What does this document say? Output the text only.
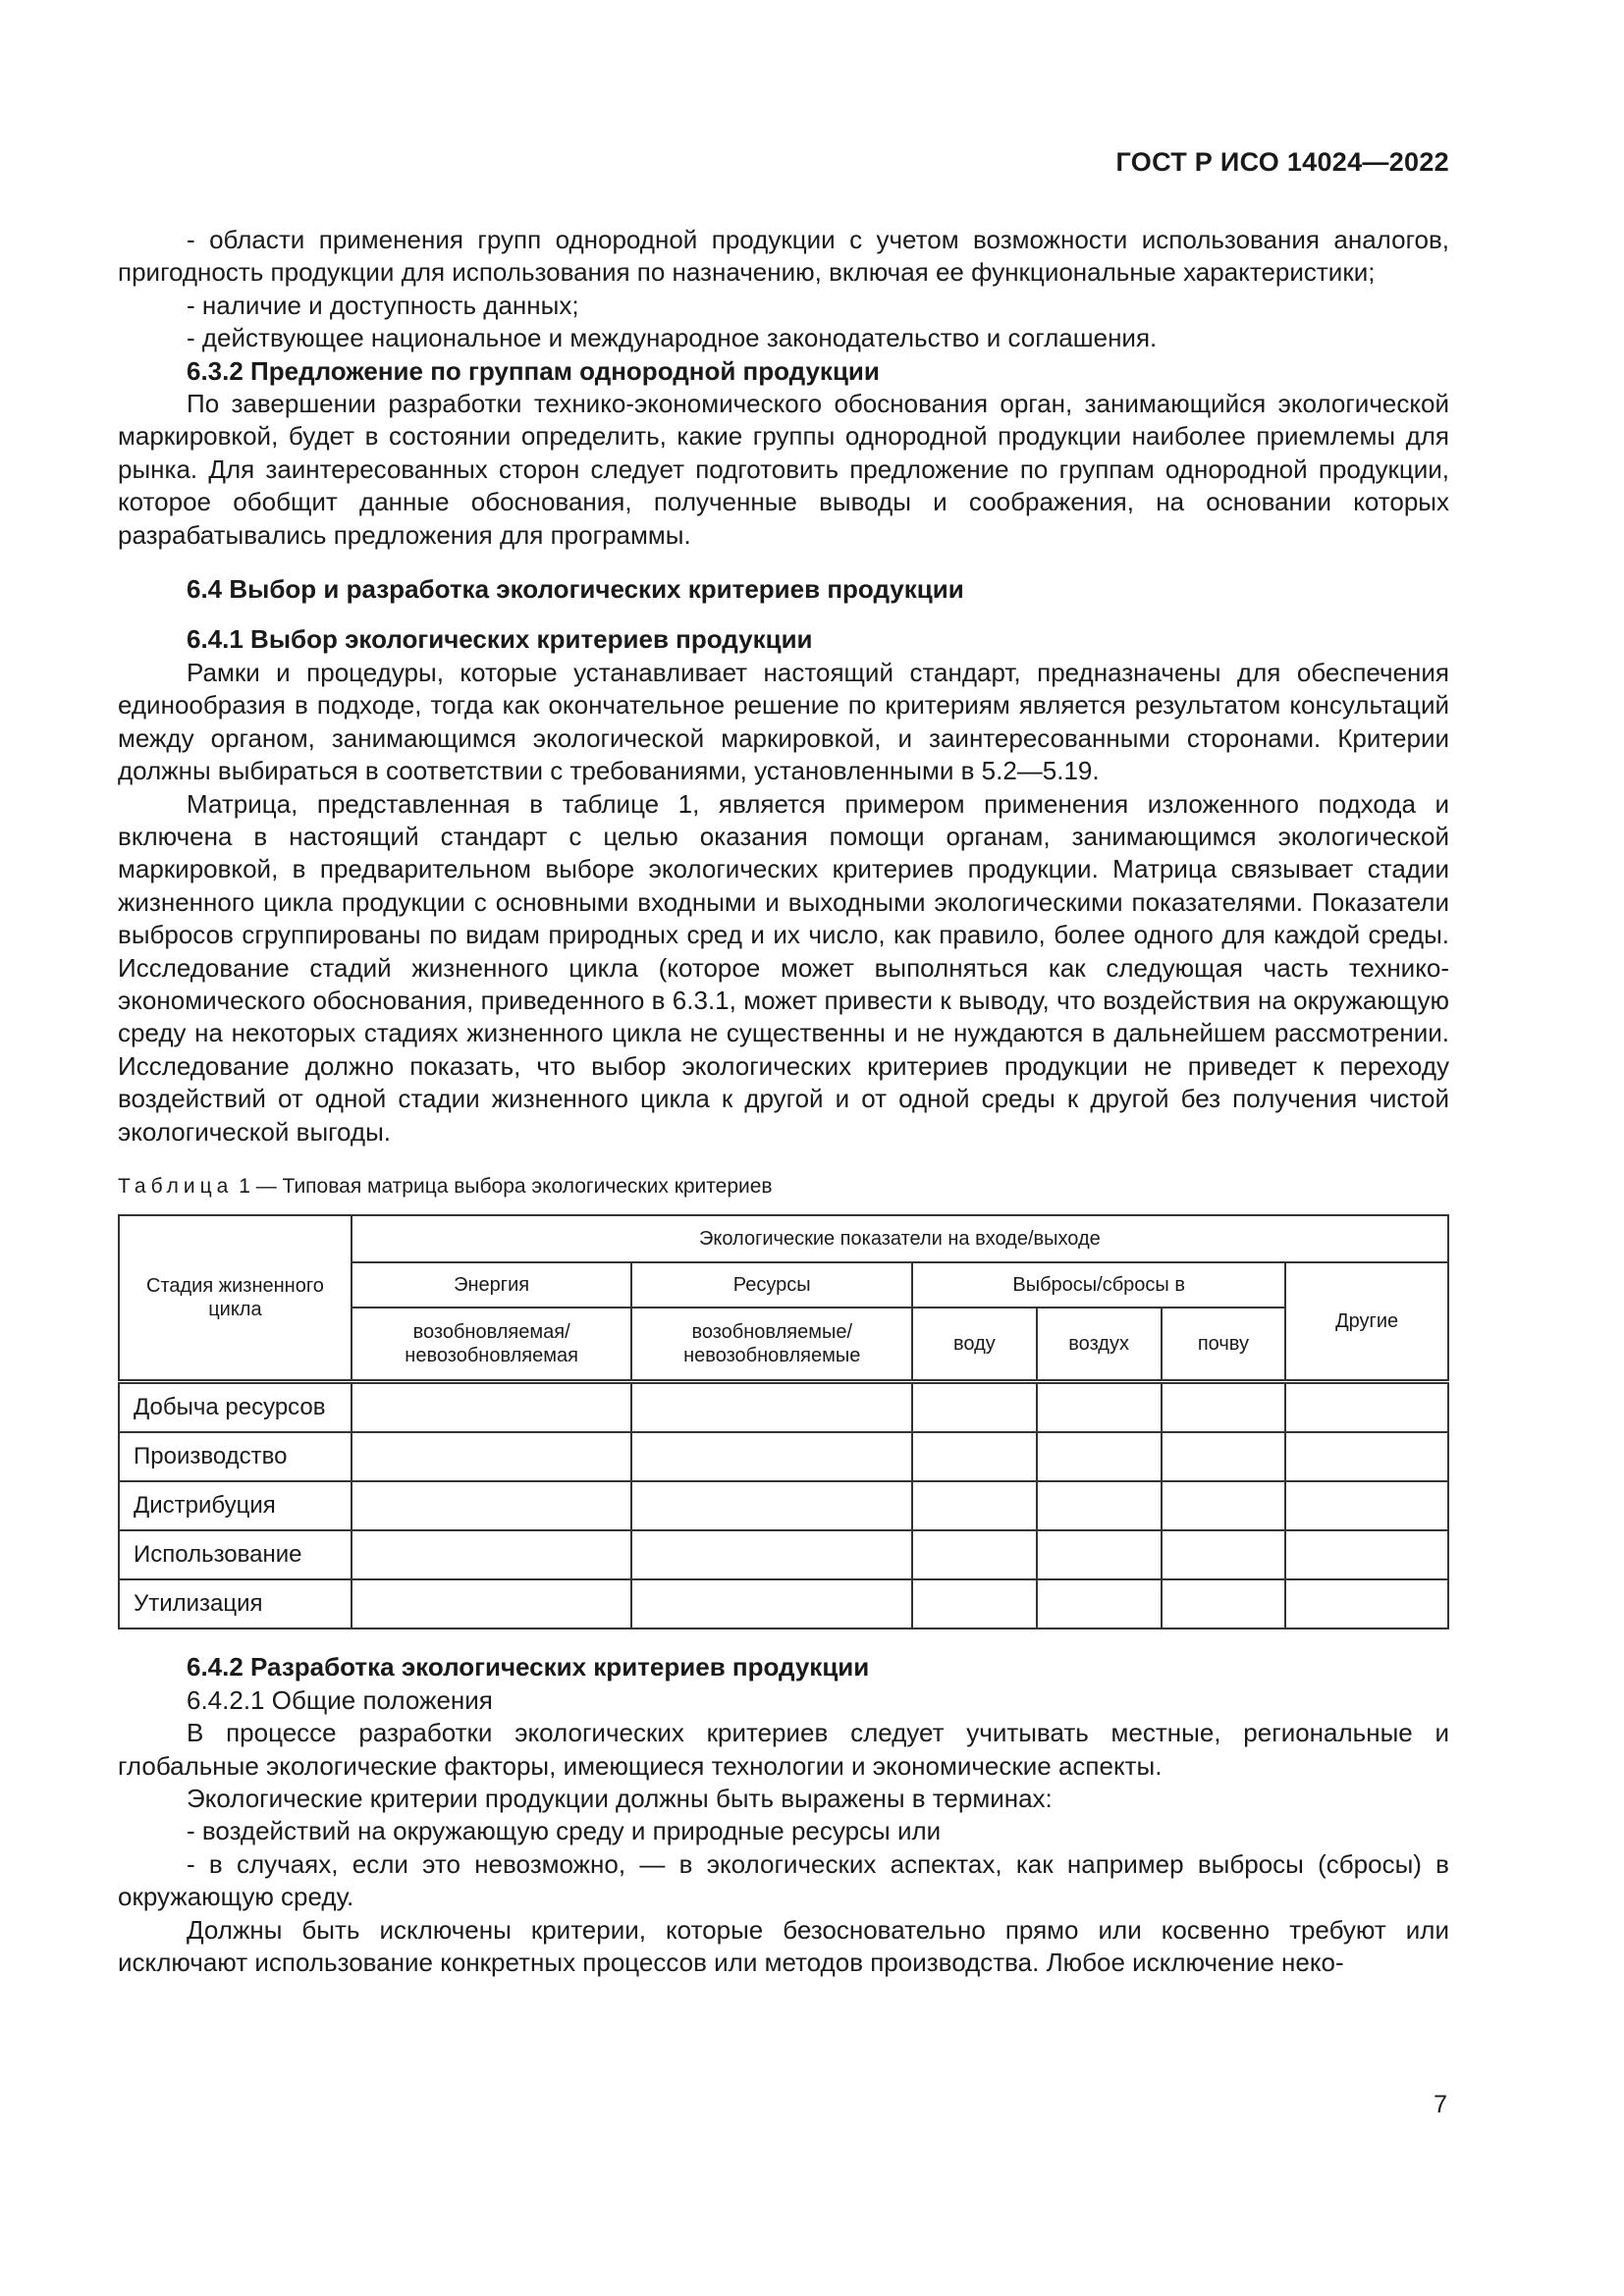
ГОСТ Р ИСО 14024—2022

- области применения групп однородной продукции с учетом возможности использования аналогов, пригодность продукции для использования по назначению, включая ее функциональные характеристики;

- наличие и доступность данных;

- действующее национальное и международное законодательство и соглашения.

6.3.2 Предложение по группам однородной продукции

По завершении разработки технико-экономического обоснования орган, занимающийся экологической маркировкой, будет в состоянии определить, какие группы однородной продукции наиболее приемлемы для рынка. Для заинтересованных сторон следует подготовить предложение по группам однородной продукции, которое обобщит данные обоснования, полученные выводы и соображения, на основании которых разрабатывались предложения для программы.

6.4 Выбор и разработка экологических критериев продукции

6.4.1 Выбор экологических критериев продукции

Рамки и процедуры, которые устанавливает настоящий стандарт, предназначены для обеспечения единообразия в подходе, тогда как окончательное решение по критериям является результатом консультаций между органом, занимающимся экологической маркировкой, и заинтересованными сторонами. Критерии должны выбираться в соответствии с требованиями, установленными в 5.2—5.19.

Матрица, представленная в таблице 1, является примером применения изложенного подхода и включена в настоящий стандарт с целью оказания помощи органам, занимающимся экологической маркировкой, в предварительном выборе экологических критериев продукции. Матрица связывает стадии жизненного цикла продукции с основными входными и выходными экологическими показателями. Показатели выбросов сгруппированы по видам природных сред и их число, как правило, более одного для каждой среды. Исследование стадий жизненного цикла (которое может выполняться как следующая часть технико-экономического обоснования, приведенного в 6.3.1, может привести к выводу, что воздействия на окружающую среду на некоторых стадиях жизненного цикла не существенны и не нуждаются в дальнейшем рассмотрении. Исследование должно показать, что выбор экологических критериев продукции не приведет к переходу воздействий от одной стадии жизненного цикла к другой и от одной среды к другой без получения чистой экологической выгоды.

Таблица 1 — Типовая матрица выбора экологических критериев
Стадия жизненного цикла	Экологические показатели на входе/выходе					
	Энергия	Ресурсы	Выбросы/сбросы в			Другие
	возобновляемая/ невозобновляемая	возобновляемые/ невозобновляемые	воду	воздух	почву	
Добыча ресурсов						
Производство						
Дистрибуция						
Использование						
Утилизация						

6.4.2 Разработка экологических критериев продукции

6.4.2.1 Общие положения

В процессе разработки экологических критериев следует учитывать местные, региональные и глобальные экологические факторы, имеющиеся технологии и экономические аспекты.

Экологические критерии продукции должны быть выражены в терминах:

- воздействий на окружающую среду и природные ресурсы или

- в случаях, если это невозможно, — в экологических аспектах, как например выбросы (сбросы) в окружающую среду.

Должны быть исключены критерии, которые безосновательно прямо или косвенно требуют или исключают использование конкретных процессов или методов производства. Любое исключение неко-

7
